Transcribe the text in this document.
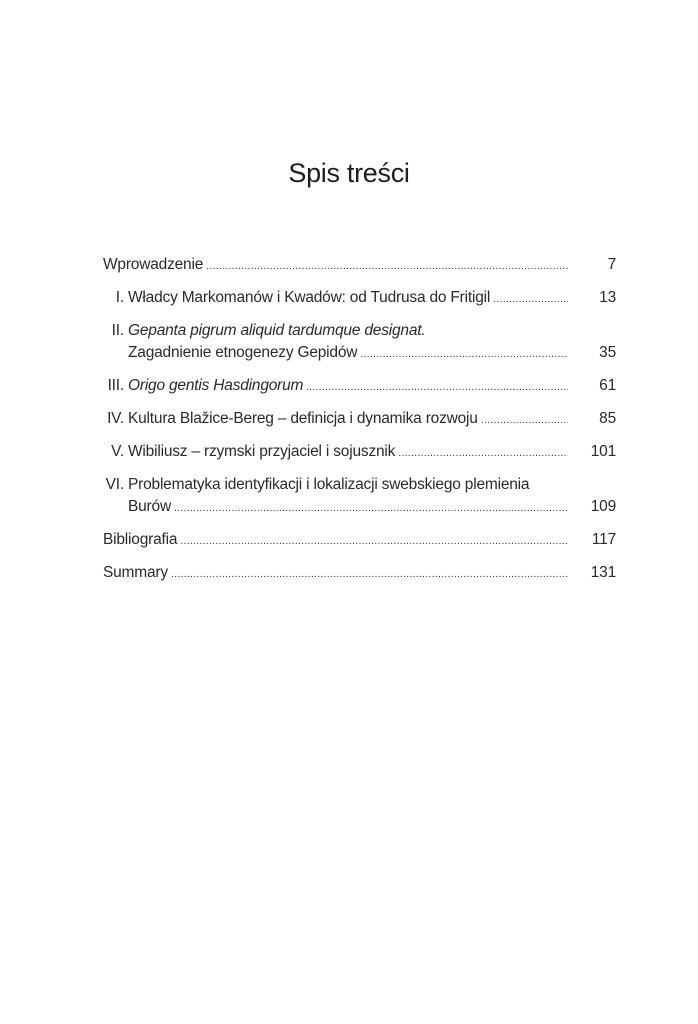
Spis treści
Wprowadzenie .....	7
I. Władcy Markomanów i Kwadów: od Tudrusa do Fritigil .....	13
II. Gepanta pigrum aliquid tardumque designat.
Zagadnienie etnogenezy Gepidów .....	35
III. Origo gentis Hasdingorum .....	61
IV. Kultura Blažice-Bereg – definicja i dynamika rozwoju .....	85
V. Wibiliusz – rzymski przyjaciel i sojusznik .....	101
VI. Problematyka identyfikacji i lokalizacji swebskiego plemienia
Burów .....	109
Bibliografia .....	117
Summary .....	131
